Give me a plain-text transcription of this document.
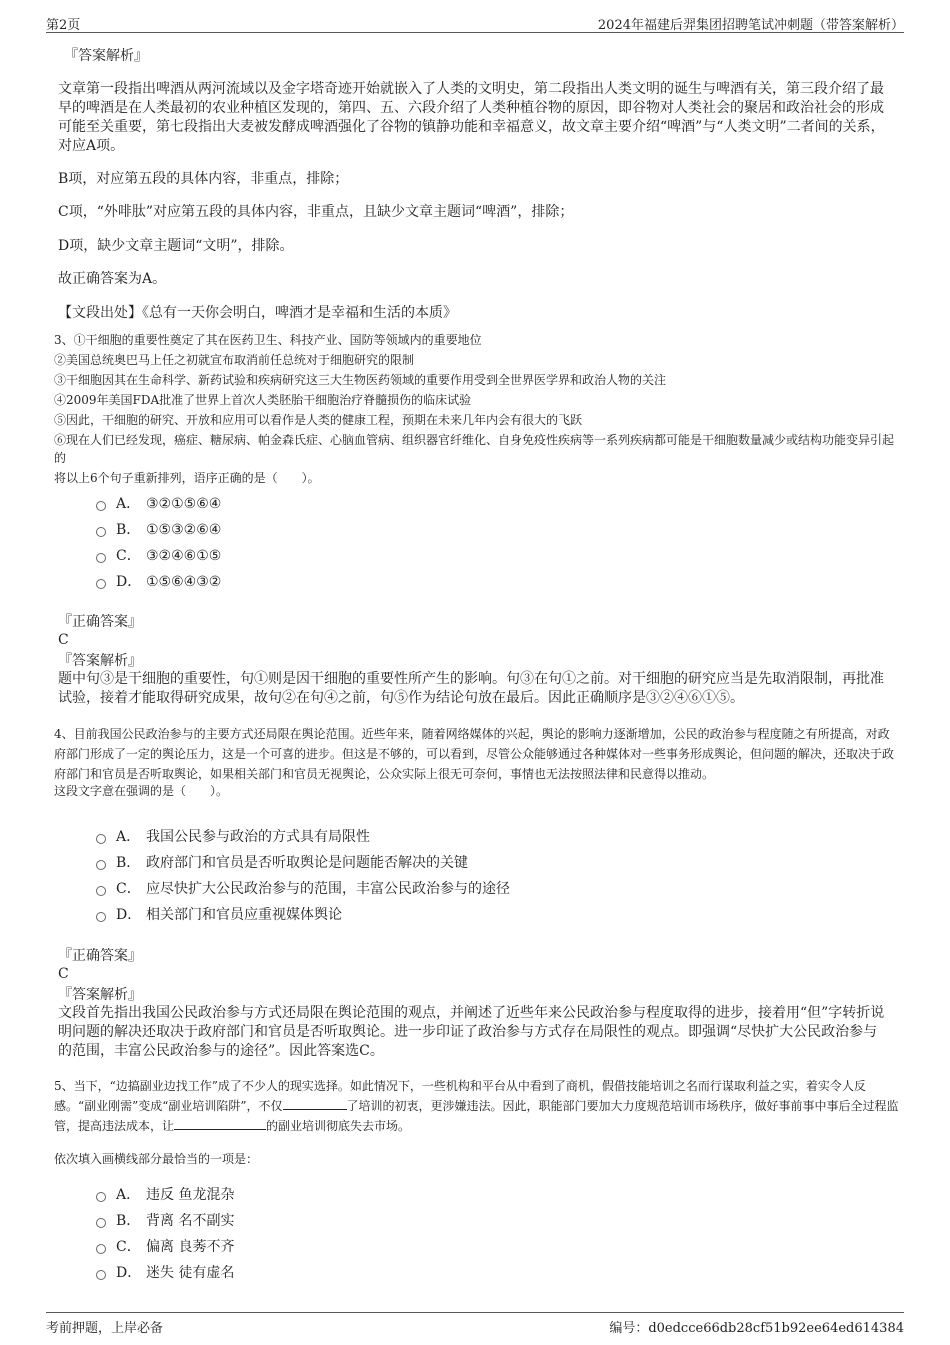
第2页	2024年福建后羿集团招聘笔试冲刺题（带答案解析）
『答案解析』
文章第一段指出啤酒从两河流域以及金字塔奇迹开始就嵌入了人类的文明史，第二段指出人类文明的诞生与啤酒有关，第三段介绍了最早的啤酒是在人类最初的农业种植区发现的，第四、五、六段介绍了人类种植谷物的原因，即谷物对人类社会的聚居和政治社会的形成可能至关重要，第七段指出大麦被发酵成啤酒强化了谷物的镇静功能和幸福意义，故文章主要介绍“啤酒”与“人类文明”二者间的关系，对应A项。
B项，对应第五段的具体内容，非重点，排除；
C项，“外啡肽”对应第五段的具体内容，非重点，且缺少文章主题词“啤酒”，排除；
D项，缺少文章主题词“文明”，排除。
故正确答案为A。
【文段出处】《总有一天你会明白，啤酒才是幸福和生活的本质》
3、①干细胞的重要性奠定了其在医药卫生、科技产业、国防等领域内的重要地位
②美国总统奥巴马上任之初就宣布取消前任总统对于细胞研究的限制
③干细胞因其在生命科学、新药试验和疾病研究这三大生物医药领域的重要作用受到全世界医学界和政治人物的关注
④2009年美国FDA批准了世界上首次人类胚胎干细胞治疗脊髓损伤的临床试验
⑤因此，干细胞的研究、开放和应用可以看作是人类的健康工程，预期在未来几年内会有很大的飞跃
⑥现在人们已经发现，癌症、糖尿病、帕金森氏症、心脑血管病、组织器官纤维化、自身免疫性疾病等一系列疾病都可能是干细胞数量减少或结构功能变异引起的
将以上6个句子重新排列，语序正确的是（　　）。
A． ③②①⑤⑥④
B． ①⑤③②⑥④
C． ③②④⑥①⑤
D． ①⑤⑥④③②
『正确答案』
C
『答案解析』
题中句③是干细胞的重要性，句①则是因干细胞的重要性所产生的影响。句③在句①之前。对干细胞的研究应当是先取消限制，再批准试验，接着才能取得研究成果，故句②在句④之前，句⑤作为结论句放在最后。因此正确顺序是③②④⑥①⑤。
4、目前我国公民政治参与的主要方式还局限在舆论范围。近些年来，随着网络媒体的兴起，舆论的影响力逐渐增加，公民的政治参与程度随之有所提高，对政府部门形成了一定的舆论压力，这是一个可喜的进步。但这是不够的，可以看到，尽管公众能够通过各种媒体对一些事务形成舆论，但问题的解决，还取决于政府部门和官员是否听取舆论，如果相关部门和官员无视舆论，公众实际上很无可奈何，事情也无法按照法律和民意得以推动。
这段文字意在强调的是（　　）。
A． 我国公民参与政治的方式具有局限性
B． 政府部门和官员是否听取舆论是问题能否解决的关键
C． 应尽快扩大公民政治参与的范围，丰富公民政治参与的途径
D． 相关部门和官员应重视媒体舆论
『正确答案』
C
『答案解析』
文段首先指出我国公民政治参与方式还局限在舆论范围的观点，并阐述了近些年来公民政治参与程度取得的进步，接着用“但”字转折说明问题的解决还取决于政府部门和官员是否听取舆论。进一步印证了政治参与方式存在局限性的观点。即强调“尽快扩大公民政治参与的范围，丰富公民政治参与的途径”。因此答案选C。
5、当下，“边搞副业边找工作”成了不少人的现实选择。如此情况下，一些机构和平台从中看到了商机，假借技能培训之名而行谋取利益之实，着实令人反感。“副业刚需”变成“副业培训陷阱”，不仅	了培训的初衷，更涉嫌违法。因此，职能部门要加大力度规范培训市场秩序，做好事前事中事后全过程监管，提高违法成本，让	的副业培训彻底失去市场。
依次填入画横线部分最恰当的一项是：
A． 违反 鱼龙混杂
B． 背离 名不副实
C． 偏离 良莠不齐
D． 迷失 徒有虚名
考前押题，上岸必备	编号：d0edcce66db28cf51b92ee64ed614384
